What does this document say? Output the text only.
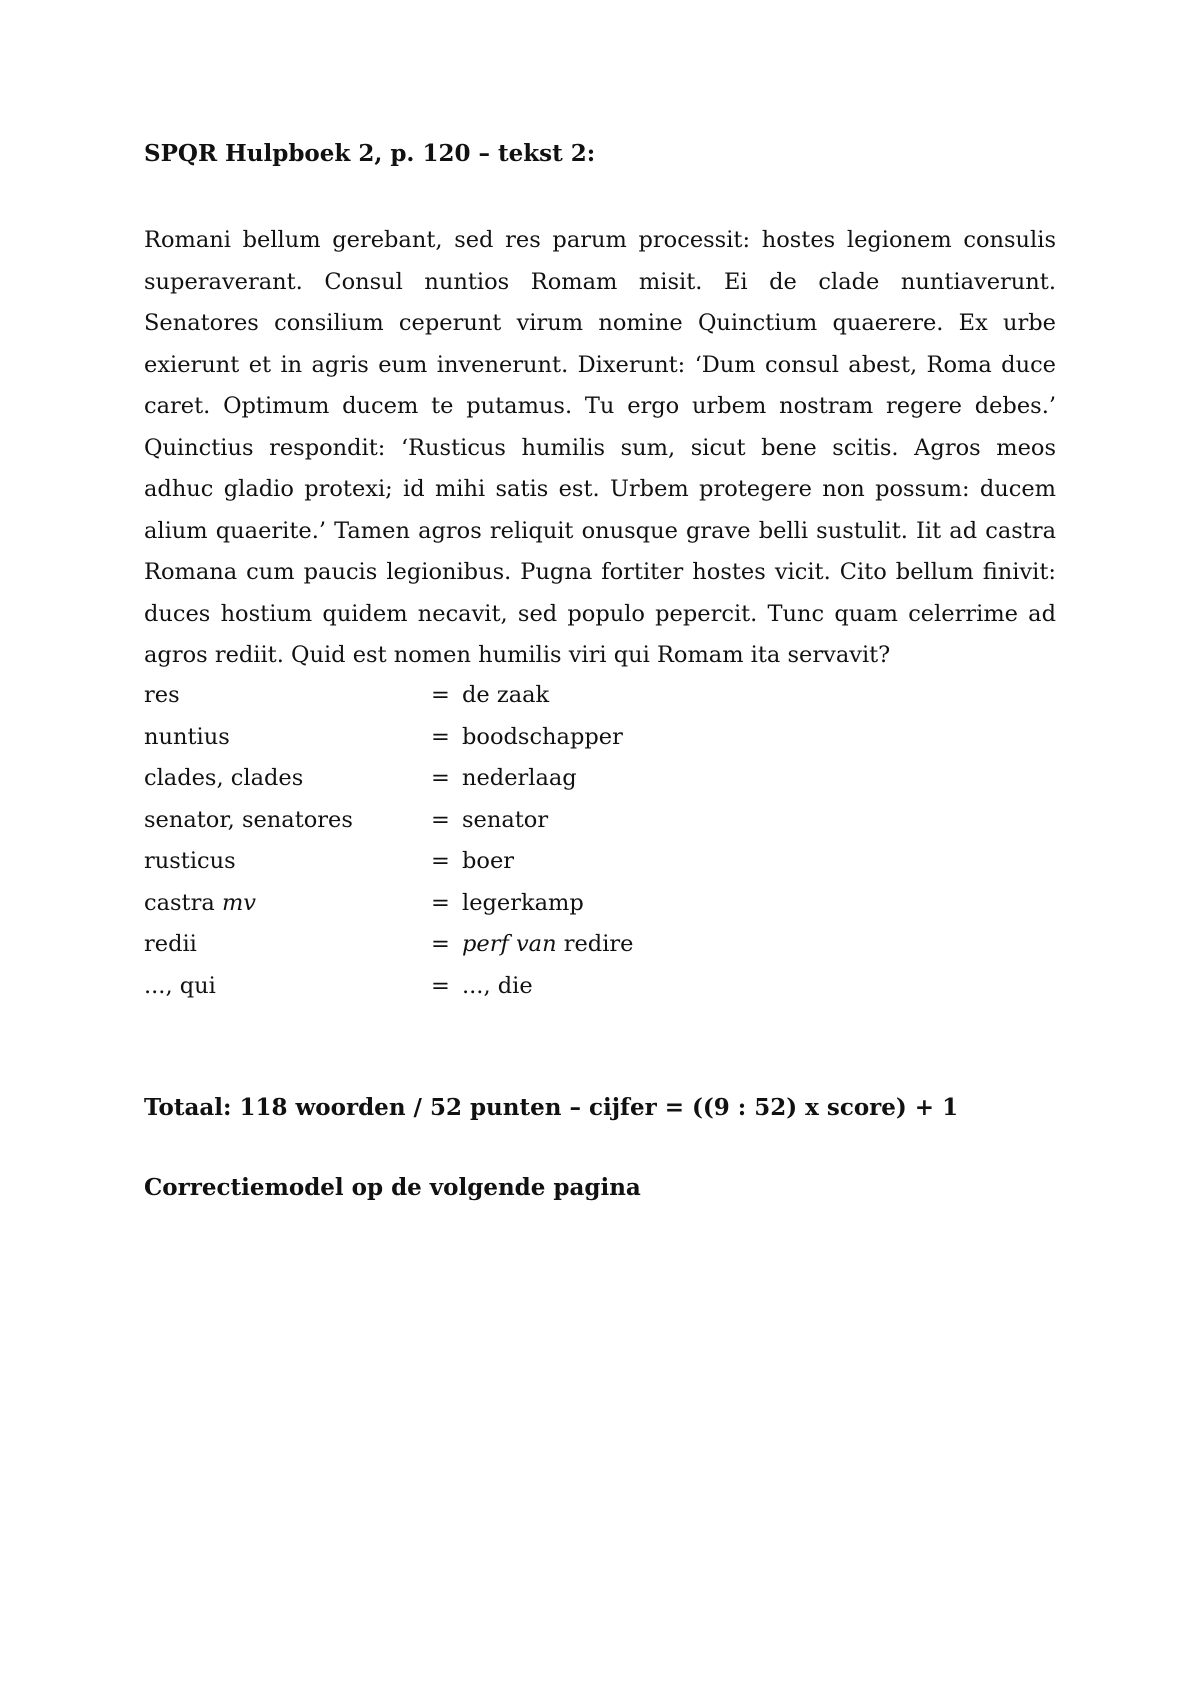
SPQR Hulpboek 2, p. 120 – tekst 2:

Romani bellum gerebant, sed res parum processit: hostes legionem consulis superaverant. Consul nuntios Romam misit. Ei de clade nuntiaverunt. Senatores consilium ceperunt virum nomine Quinctium quaerere. Ex urbe exierunt et in agris eum invenerunt. Dixerunt: ‘Dum consul abest, Roma duce caret. Optimum ducem te putamus. Tu ergo urbem nostram regere debes.’ Quinctius respondit: ‘Rusticus humilis sum, sicut bene scitis. Agros meos adhuc gladio protexi; id mihi satis est. Urbem protegere non possum: ducem alium quaerite.’ Tamen agros reliquit onusque grave belli sustulit. Iit ad castra Romana cum paucis legionibus. Pugna fortiter hostes vicit. Cito bellum finivit: duces hostium quidem necavit, sed populo pepercit. Tunc quam celerrime ad agros rediit. Quid est nomen humilis viri qui Romam ita servavit?

res	= de zaak
nuntius	= boodschapper
clades, clades	= nederlaag
senator, senatores	= senator
rusticus	= boer
castra mv	= legerkamp
redii	= perf van redire
..., qui	= ..., die

Totaal: 118 woorden / 52 punten – cijfer = ((9 : 52) x score) + 1

Correctiemodel op de volgende pagina
